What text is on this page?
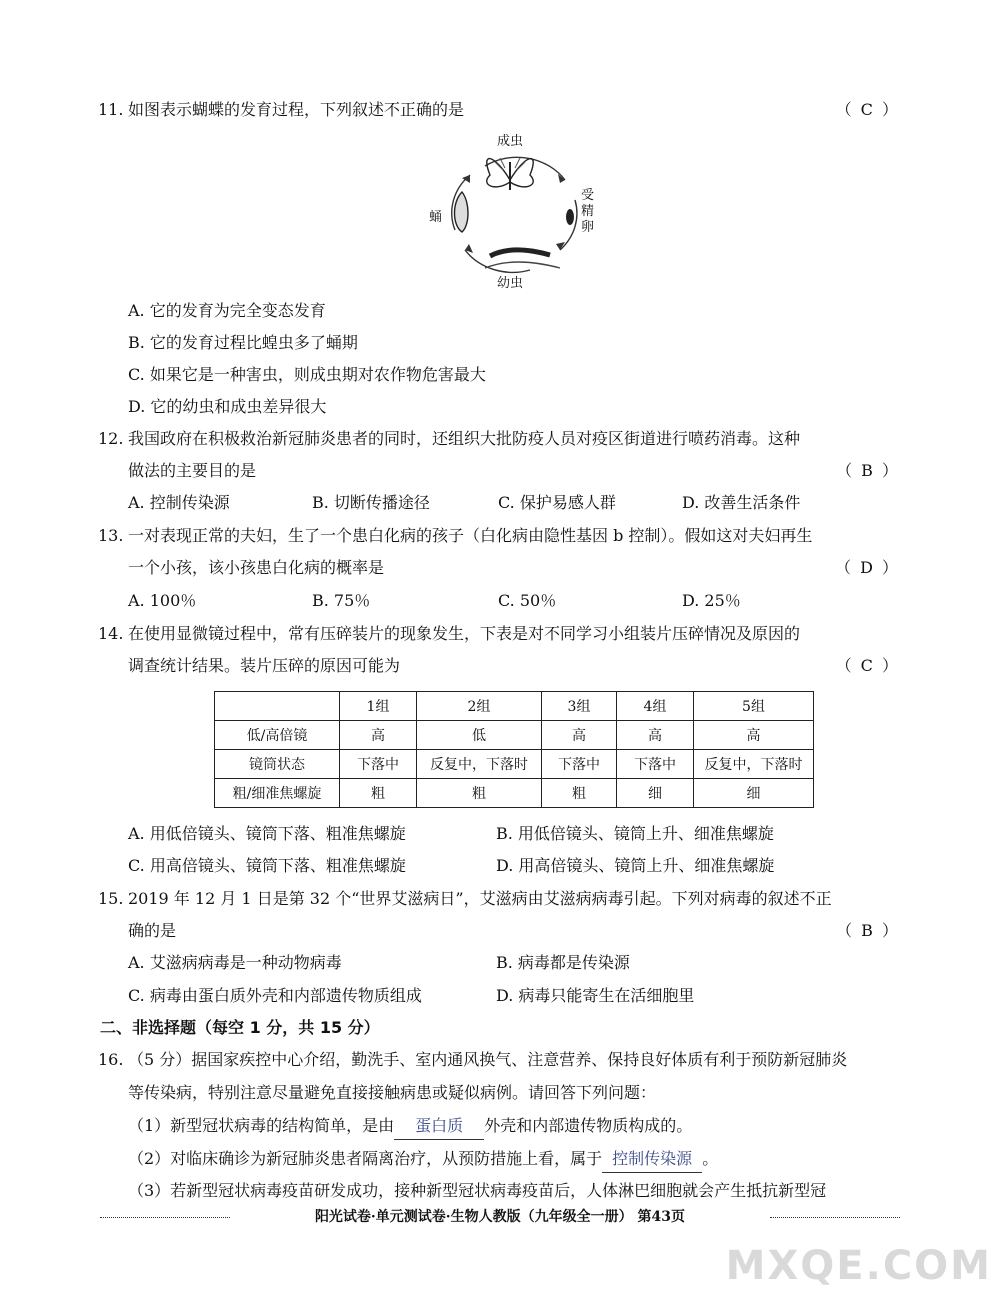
11. 如图表示蝴蝶的发育过程，下列叙述不正确的是	（ C ）
成虫
受精卵
幼虫
蛹
A. 它的发育为完全变态发育
B. 它的发育过程比蝗虫多了蛹期
C. 如果它是一种害虫，则成虫期对农作物危害最大
D. 它的幼虫和成虫差异很大
12. 我国政府在积极救治新冠肺炎患者的同时，还组织大批防疫人员对疫区街道进行喷药消毒。这种
做法的主要目的是	（ B ）
A. 控制传染源	B. 切断传播途径	C. 保护易感人群	D. 改善生活条件
13. 一对表现正常的夫妇，生了一个患白化病的孩子（白化病由隐性基因 b 控制）。假如这对夫妇再生
一个小孩，该小孩患白化病的概率是	（ D ）
A. 100％	B. 75％	C. 50％	D. 25％
14. 在使用显微镜过程中，常有压碎装片的现象发生，下表是对不同学习小组装片压碎情况及原因的
调查统计结果。装片压碎的原因可能为	（ C ）
	1组	2组	3组	4组	5组
低/高倍镜	高	低	高	高	高
镜筒状态	下落中	反复中，下落时	下落中	下落中	反复中，下落时
粗/细准焦螺旋	粗	粗	粗	细	细
A. 用低倍镜头、镜筒下落、粗准焦螺旋	B. 用低倍镜头、镜筒上升、细准焦螺旋
C. 用高倍镜头、镜筒下落、粗准焦螺旋	D. 用高倍镜头、镜筒上升、细准焦螺旋
15. 2019 年 12 月 1 日是第 32 个“世界艾滋病日”，艾滋病由艾滋病病毒引起。下列对病毒的叙述不正
确的是	（ B ）
A. 艾滋病病毒是一种动物病毒	B. 病毒都是传染源
C. 病毒由蛋白质外壳和内部遗传物质组成	D. 病毒只能寄生在活细胞里
二、非选择题（每空 1 分，共 15 分）
16. （5 分）据国家疾控中心介绍，勤洗手、室内通风换气、注意营养、保持良好体质有利于预防新冠肺炎
等传染病，特别注意尽量避免直接接触病患或疑似病例。请回答下列问题：
（1）新型冠状病毒的结构简单，是由 蛋白质 外壳和内部遗传物质构成的。
（2）对临床确诊为新冠肺炎患者隔离治疗，从预防措施上看，属于 控制传染源 。
（3）若新型冠状病毒疫苗研发成功，接种新型冠状病毒疫苗后，人体淋巴细胞就会产生抵抗新型冠
阳光试卷·单元测试卷·生物人教版（九年级全一册） 第43页
MXQE.COM
